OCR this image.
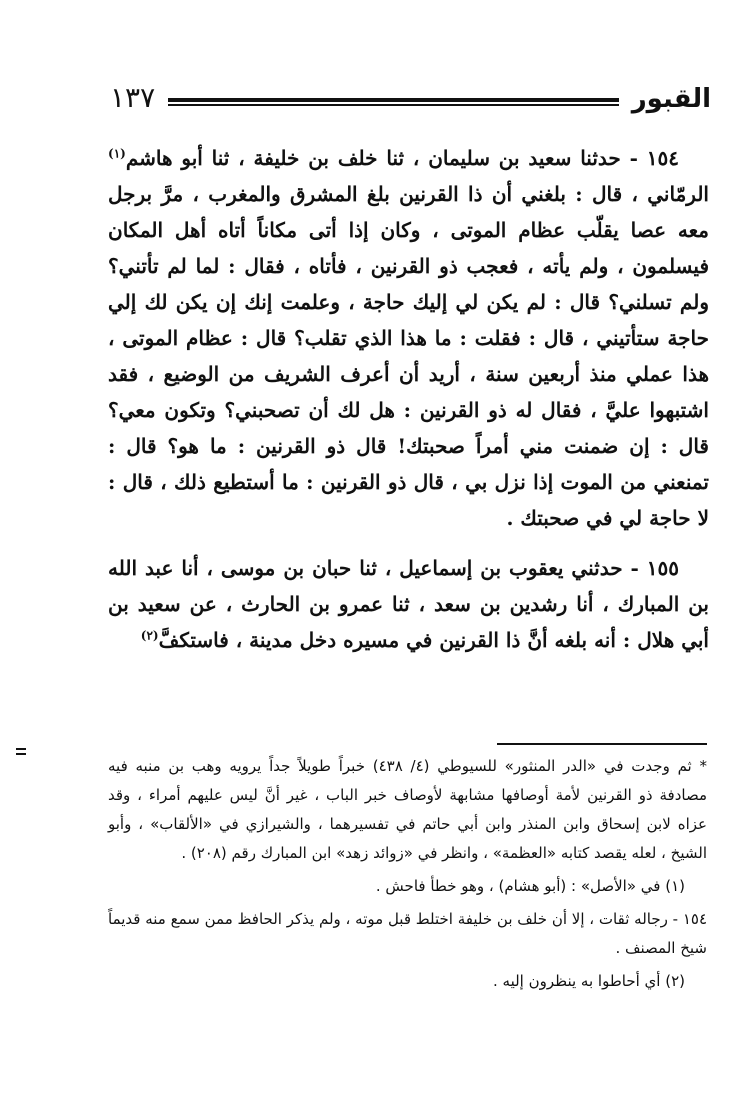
القبور
١٣٧

١٥٤ - حدثنا سعيد بن سليمان ، ثنا خلف بن خليفة ، ثنا أبو هاشم$^{(١)}$ الرمّاني ، قال : بلغني أن ذا القرنين بلغ المشرق والمغرب ، مرَّ برجل معه عصا يقلّب عظام الموتى ، وكان إذا أتى مكاناً أتاه أهل المكان فيسلمون ، ولم يأته ، فعجب ذو القرنين ، فأتاه ، فقال : لما لم تأتني؟ ولم تسلني؟ قال : لم يكن لي إليك حاجة ، وعلمت إنك إن يكن لك إلي حاجة ستأتيني ، قال : فقلت : ما هذا الذي تقلب؟ قال : عظام الموتى ، هذا عملي منذ أربعين سنة ، أريد أن أعرف الشريف من الوضيع ، فقد اشتبهوا عليَّ ، فقال له ذو القرنين : هل لك أن تصحبني؟ وتكون معي؟ قال : إن ضمنت مني أمراً صحبتك! قال ذو القرنين : ما هو؟ قال : تمنعني من الموت إذا نزل بي ، قال ذو القرنين : ما أستطيع ذلك ، قال : لا حاجة لي في صحبتك .

١٥٥ - حدثني يعقوب بن إسماعيل ، ثنا حبان بن موسى ، أنا عبد الله بن المبارك ، أنا رشدين بن سعد ، ثنا عمرو بن الحارث ، عن سعيد بن أبي هلال : أنه بلغه أنَّ ذا القرنين في مسيره دخل مدينة ، فاستكفَّ$^{(٢)}$

* ثم وجدت في «الدر المنثور» للسيوطي (٤/ ٤٣٨) خبراً طويلاً جداً يرويه وهب بن منبه فيه مصادفة ذو القرنين لأمة أوصافها مشابهة لأوصاف خبر الباب ، غير أنَّ ليس عليهم أمراء ، وقد عزاه لابن إسحاق وابن المنذر وابن أبي حاتم في تفسيرهما ، والشيرازي في «الألقاب» ، وأبو الشيخ ، لعله يقصد كتابه «العظمة» ، وانظر في «زوائد زهد» ابن المبارك رقم (٢٠٨) .

(١) في «الأصل» : (أبو هشام) ، وهو خطأ فاحش .

١٥٤ - رجاله ثقات ، إلا أن خلف بن خليفة اختلط قبل موته ، ولم يذكر الحافظ ممن سمع منه قديماً شيخ المصنف .

(٢) أي أحاطوا به ينظرون إليه .
